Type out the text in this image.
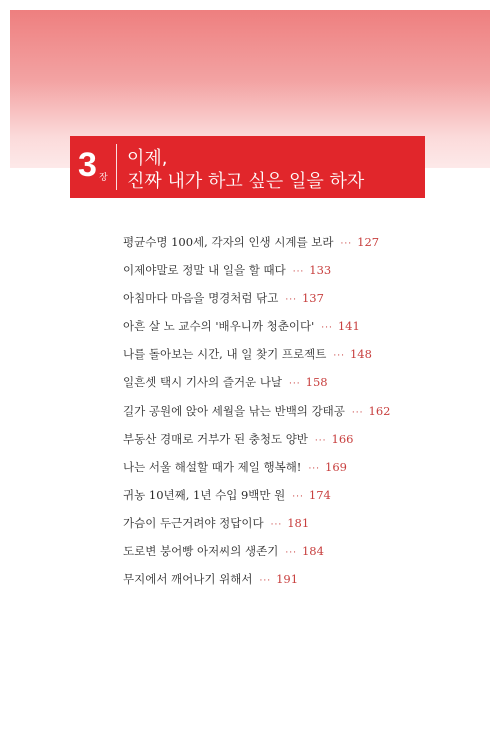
3 장
이제,
진짜 내가 하고 싶은 일을 하자
평균수명 100세, 각자의 인생 시계를 보라 ··· 127
이제야말로 정말 내 일을 할 때다 ··· 133
아침마다 마음을 명경처럼 닦고 ··· 137
아흔 살 노 교수의 '배우니까 청춘이다' ··· 141
나를 돌아보는 시간, 내 일 찾기 프로젝트 ··· 148
일흔셋 택시 기사의 즐거운 나날 ··· 158
길가 공원에 앉아 세월을 낚는 반백의 강태공 ··· 162
부동산 경매로 거부가 된 충청도 양반 ··· 166
나는 서울 해설할 때가 제일 행복해! ··· 169
귀농 10년째, 1년 수입 9백만 원 ··· 174
가슴이 두근거려야 정답이다 ··· 181
도로변 붕어빵 아저씨의 생존기 ··· 184
무지에서 깨어나기 위해서 ··· 191
